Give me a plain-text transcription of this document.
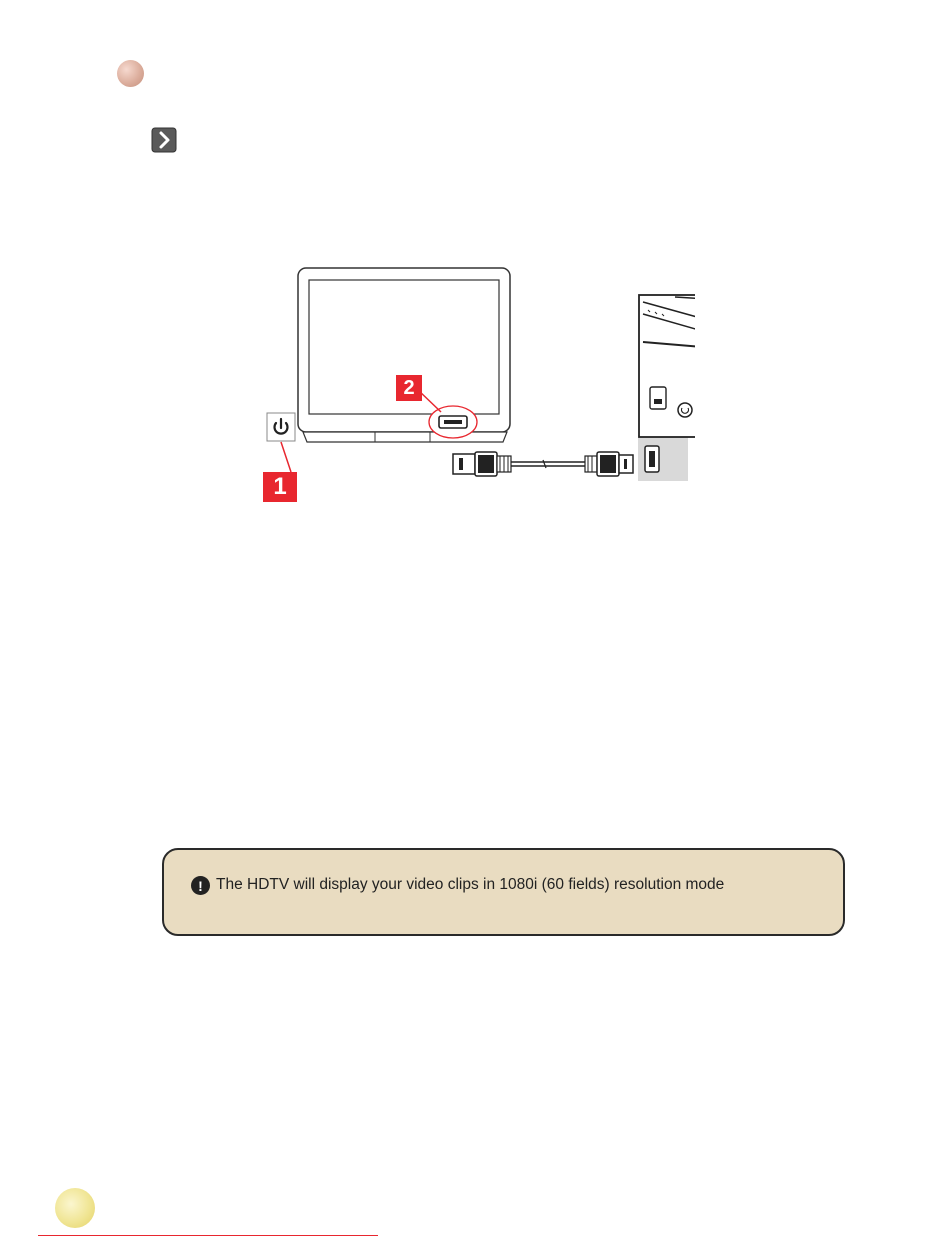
1
2
! The HDTV will display your video clips in 1080i (60 fields) resolution mode
